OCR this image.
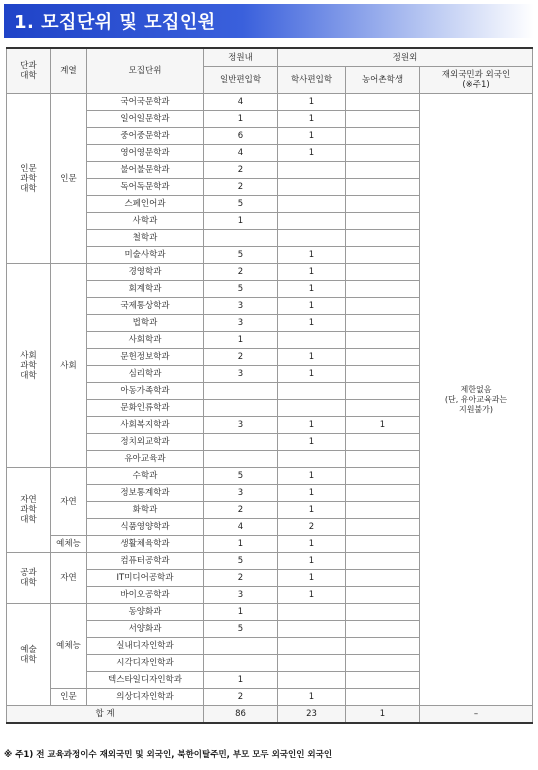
1. 모집단위 및 모집인원
단과
대학	계열	모집단위	정원내	정원외		
			일반편입학	학사편입학	농어촌학생	재외국민과 외국인
(※주1)
인문
과학
대학	인문	국어국문학과	4	1		제한없음
(단, 유아교육과는
지원불가)
		일어일문학과	1	1		
		중어중문학과	6	1		
		영어영문학과	4	1		
		불어불문학과	2			
		독어독문학과	2			
		스페인어과	5			
		사학과	1			
		철학과				
		미술사학과	5	1		
사회
과학
대학	사회	경영학과	2	1		
		회계학과	5	1		
		국제통상학과	3	1		
		법학과	3	1		
		사회학과	1			
		문헌정보학과	2	1		
		심리학과	3	1		
		아동가족학과				
		문화인류학과				
		사회복지학과	3	1	1	
		정치외교학과		1		
		유아교육과				
자연
과학
대학	자연	수학과	5	1		
		정보통계학과	3	1		
		화학과	2	1		
		식품영양학과	4	2		
	예체능	생활체육학과	1	1		
공과
대학	자연	컴퓨터공학과	5	1		
		IT미디어공학과	2	1		
		바이오공학과	3	1		
예술
대학	예체능	동양화과	1			
		서양화과	5			
		실내디자인학과				
		시각디자인학과				
		텍스타일디자인학과	1			
	인문	의상디자인학과	2	1		
합 계			86	23	1	–
※ 주1) 전 교육과정이수 재외국민 및 외국인, 북한이탈주민, 부모 모두 외국인인 외국인
